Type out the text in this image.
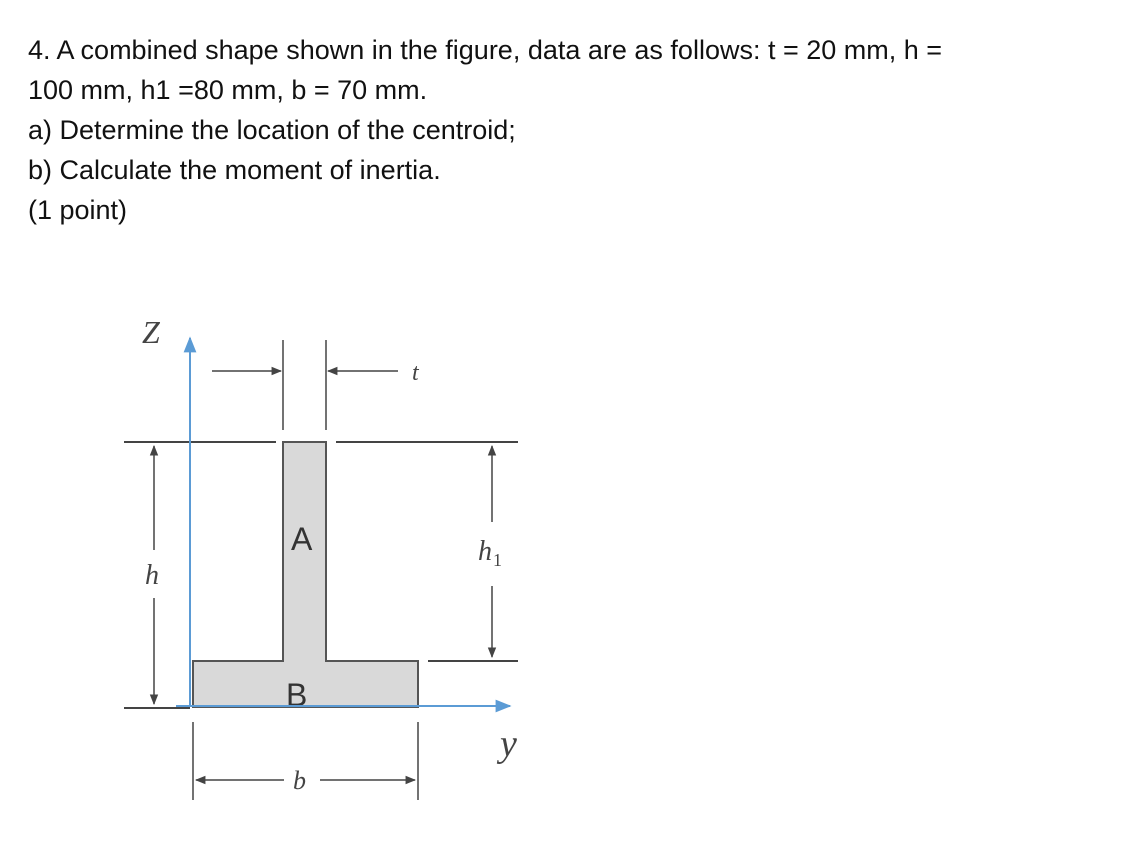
4. A combined shape shown in the figure, data are as follows: t = 20 mm, h =

100 mm, h1 =80 mm, b = 70 mm.

a) Determine the location of the centroid;

b) Calculate the moment of inertia.

(1 point)

t
h
$h_1$
b
A
B
Z
y
